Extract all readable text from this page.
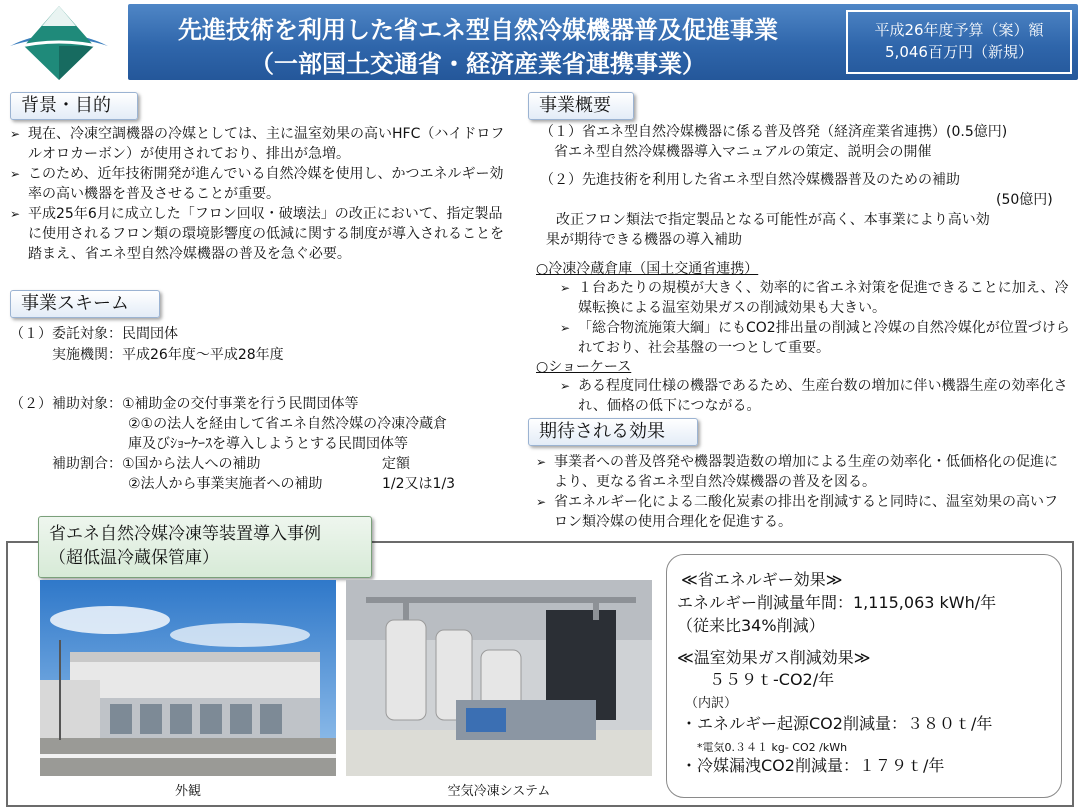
先進技術を利用した省エネ型自然冷媒機器普及促進事業
（一部国土交通省・経済産業省連携事業）
平成26年度予算（案）額
5,046百万円（新規）
背景・目的
➢ 現在、冷凍空調機器の冷媒としては、主に温室効果の高いHFC（ハイドロフルオロカーボン）が使用されており、排出が急増。
➢ このため、近年技術開発が進んでいる自然冷媒を使用し、かつエネルギー効率の高い機器を普及させることが重要。
➢ 平成25年6月に成立した「フロン回収・破壊法」の改正において、指定製品に使用されるフロン類の環境影響度の低減に関する制度が導入されることを踏まえ、省エネ型自然冷媒機器の普及を急ぐ必要。
事業スキーム
（１）委託対象：民間団体
実施機関：平成26年度〜平成28年度
（２）補助対象：①補助金の交付事業を行う民間団体等
②①の法人を経由して省エネ自然冷媒の冷凍冷蔵倉
庫及びｼｮｰｹｰｽを導入しようとする民間団体等
補助割合：①国から法人への補助	定額
②法人から事業実施者への補助	1/2又は1/3
事業概要
（１）省エネ型自然冷媒機器に係る普及啓発（経済産業省連携）(0.5億円)
省エネ型自然冷媒機器導入マニュアルの策定、説明会の開催
（２）先進技術を利用した省エネ型自然冷媒機器普及のための補助
(50億円)
改正フロン類法で指定製品となる可能性が高く、本事業により高い効
果が期待できる機器の導入補助
○冷凍冷蔵倉庫（国土交通省連携）
➢ １台あたりの規模が大きく、効率的に省エネ対策を促進できることに加え、冷媒転換による温室効果ガスの削減効果も大きい。
➢ 「総合物流施策大綱」にもCO2排出量の削減と冷媒の自然冷媒化が位置づけられており、社会基盤の一つとして重要。
○ショーケース
➢ ある程度同仕様の機器であるため、生産台数の増加に伴い機器生産の効率化され、価格の低下につながる。
期待される効果
➢ 事業者への普及啓発や機器製造数の増加による生産の効率化・低価格化の促進により、更なる省エネ型自然冷媒機器の普及を図る。
➢ 省エネルギー化による二酸化炭素の排出を削減すると同時に、温室効果の高いフロン類冷媒の使用合理化を促進する。
省エネ自然冷媒冷凍等装置導入事例
（超低温冷蔵保管庫）
外観	空気冷凍システム
≪省エネルギー効果≫
エネルギー削減量年間：1,115,063 kWh/年
（従来比34%削減）
≪温室効果ガス削減効果≫
５５９ｔ-CO2/年
（内訳）
・エネルギー起源CO2削減量：３８０ｔ/年
*電気0.３４１ kg- CO2 /kWh
・冷媒漏洩CO2削減量：１７９ｔ/年
